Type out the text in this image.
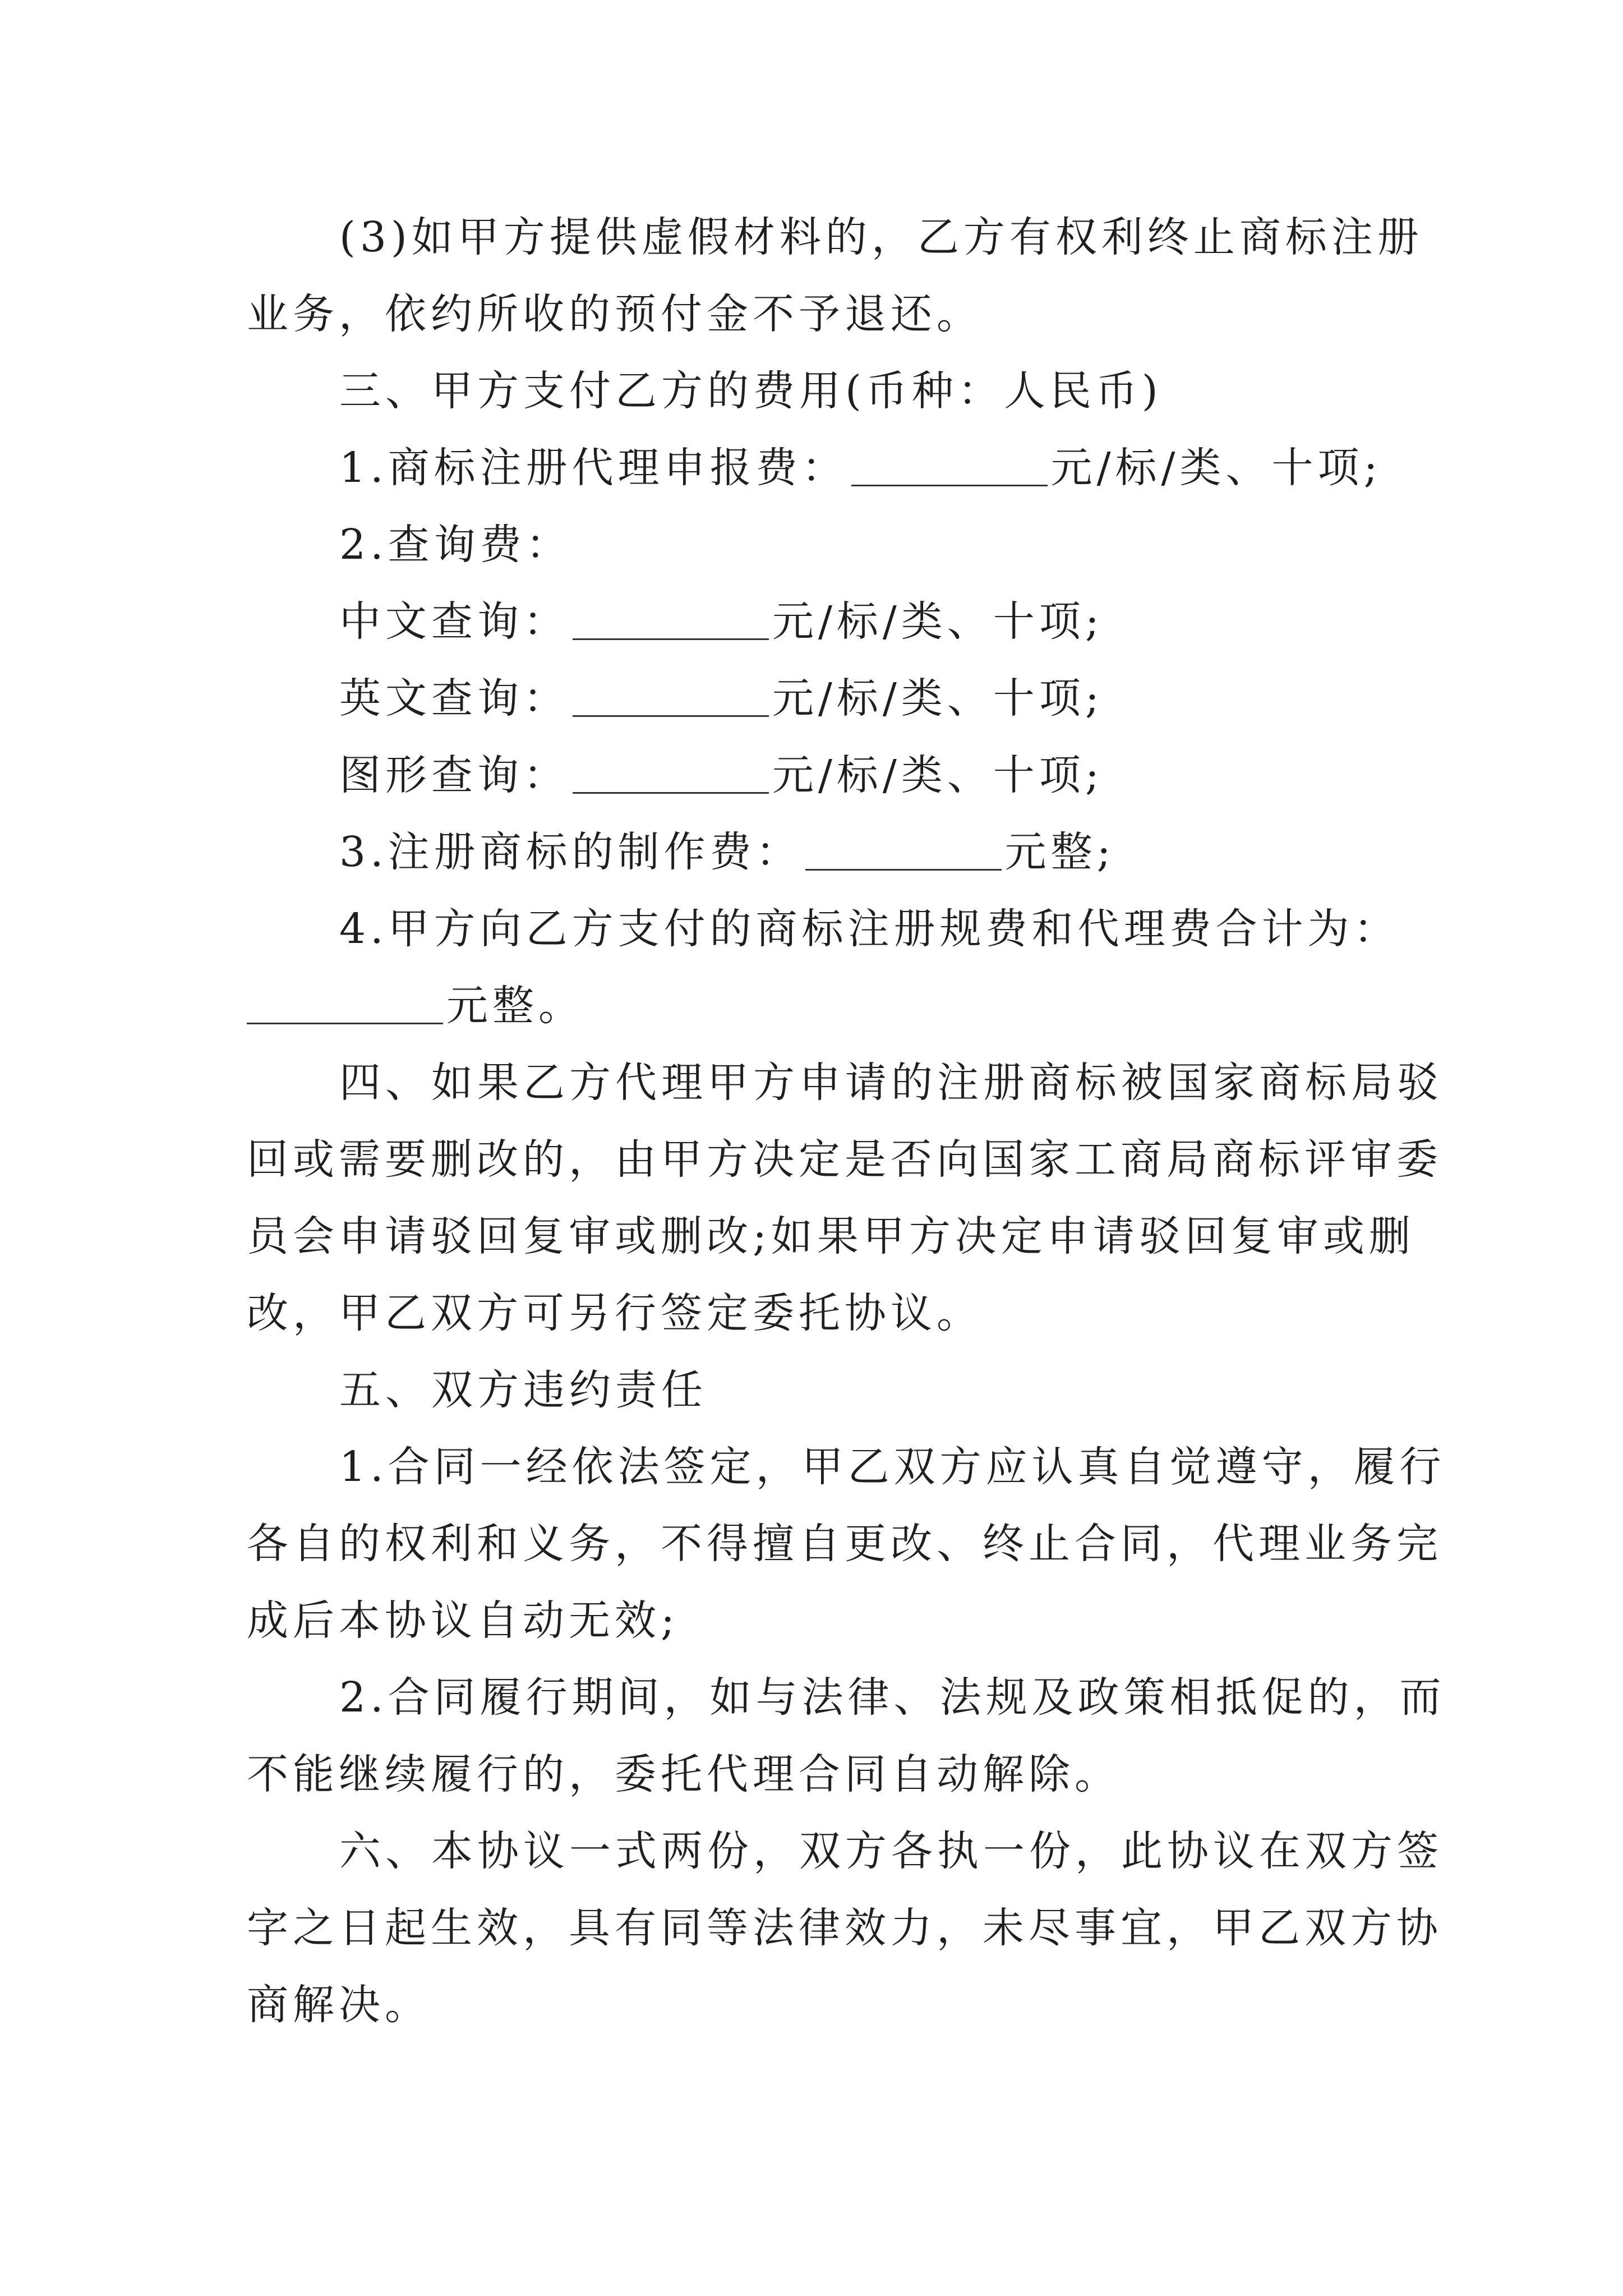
(3)如甲方提供虚假材料的，乙方有权利终止商标注册
业务，依约所收的预付金不予退还。
三、甲方支付乙方的费用(币种：人民币)
1.商标注册代理申报费：	元/标/类、十项;
2.查询费：
中文查询：	元/标/类、十项;
英文查询：	元/标/类、十项;
图形查询：	元/标/类、十项;
3.注册商标的制作费：	元整;
4.甲方向乙方支付的商标注册规费和代理费合计为：
元整。
四、如果乙方代理甲方申请的注册商标被国家商标局驳
回或需要删改的，由甲方决定是否向国家工商局商标评审委
员会申请驳回复审或删改;如果甲方决定申请驳回复审或删
改，甲乙双方可另行签定委托协议。
五、双方违约责任
1.合同一经依法签定，甲乙双方应认真自觉遵守，履行
各自的权利和义务，不得擅自更改、终止合同，代理业务完
成后本协议自动无效;
2.合同履行期间，如与法律、法规及政策相抵促的，而
不能继续履行的，委托代理合同自动解除。
六、本协议一式两份，双方各执一份，此协议在双方签
字之日起生效，具有同等法律效力，未尽事宜，甲乙双方协
商解决。
